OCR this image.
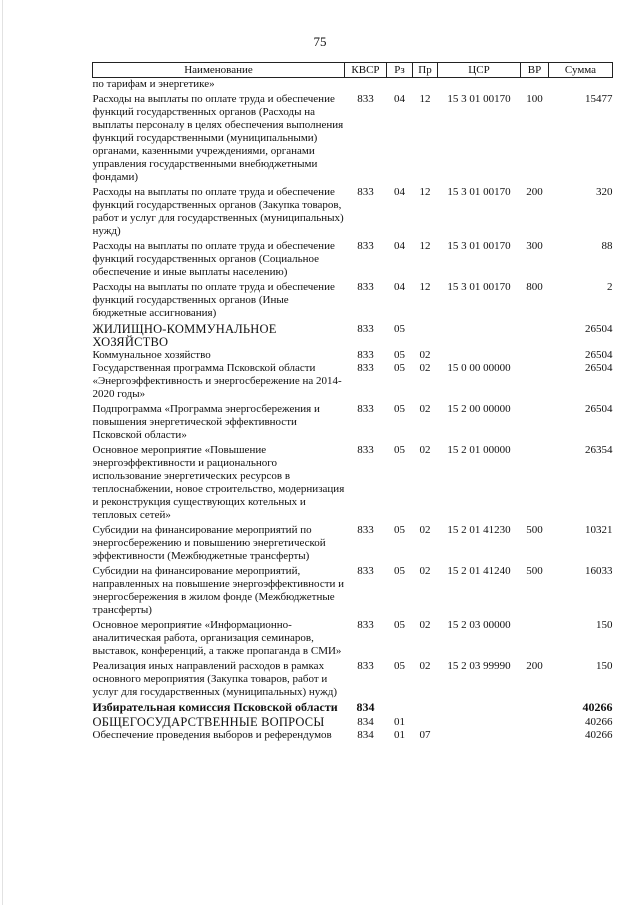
75
Наименование	КВСР	Рз	Пр	ЦСР	ВР	Сумма
по тарифам и энергетике»						
Расходы на выплаты по оплате труда и обеспечение функций государственных органов (Расходы на выплаты персоналу в целях обеспечения выполнения функций государственными (муниципальными) органами, казенными учреждениями, органами управления государственными внебюджетными фондами)	833	04	12	15 3 01 00170	100	15477
Расходы на выплаты по оплате труда и обеспечение функций государственных органов (Закупка товаров, работ и услуг для государственных (муниципальных) нужд)	833	04	12	15 3 01 00170	200	320
Расходы на выплаты по оплате труда и обеспечение функций государственных органов (Социальное обеспечение и иные выплаты населению)	833	04	12	15 3 01 00170	300	88
Расходы на выплаты по оплате труда и обеспечение функций государственных органов (Иные бюджетные ассигнования)	833	04	12	15 3 01 00170	800	2
ЖИЛИЩНО-КОММУНАЛЬНОЕ ХОЗЯЙСТВО	833	05				26504
Коммунальное хозяйство	833	05	02			26504
Государственная программа Псковской области «Энергоэффективность и энергосбережение на 2014-2020 годы»	833	05	02	15 0 00 00000		26504
Подпрограмма «Программа энергосбережения и повышения энергетической эффективности Псковской области»	833	05	02	15 2 00 00000		26504
Основное мероприятие «Повышение энергоэффективности и рационального использование энергетических ресурсов в теплоснабжении, новое строительство, модернизация и реконструкция существующих котельных и тепловых сетей»	833	05	02	15 2 01 00000		26354
Субсидии на финансирование мероприятий по энергосбережению и повышению энергетической эффективности (Межбюджетные трансферты)	833	05	02	15 2 01 41230	500	10321
Субсидии на финансирование мероприятий, направленных на повышение энергоэффективности и энергосбережения в жилом фонде (Межбюджетные трансферты)	833	05	02	15 2 01 41240	500	16033
Основное мероприятие «Информационно-аналитическая работа, организация семинаров, выставок, конференций, а также пропаганда в СМИ»	833	05	02	15 2 03 00000		150
Реализация иных направлений расходов в рамках основного мероприятия (Закупка товаров, работ и услуг для государственных (муниципальных) нужд)	833	05	02	15 2 03 99990	200	150
Избирательная комиссия Псковской области	834					40266
ОБЩЕГОСУДАРСТВЕННЫЕ ВОПРОСЫ	834	01				40266
Обеспечение проведения выборов и референдумов	834	01	07			40266
